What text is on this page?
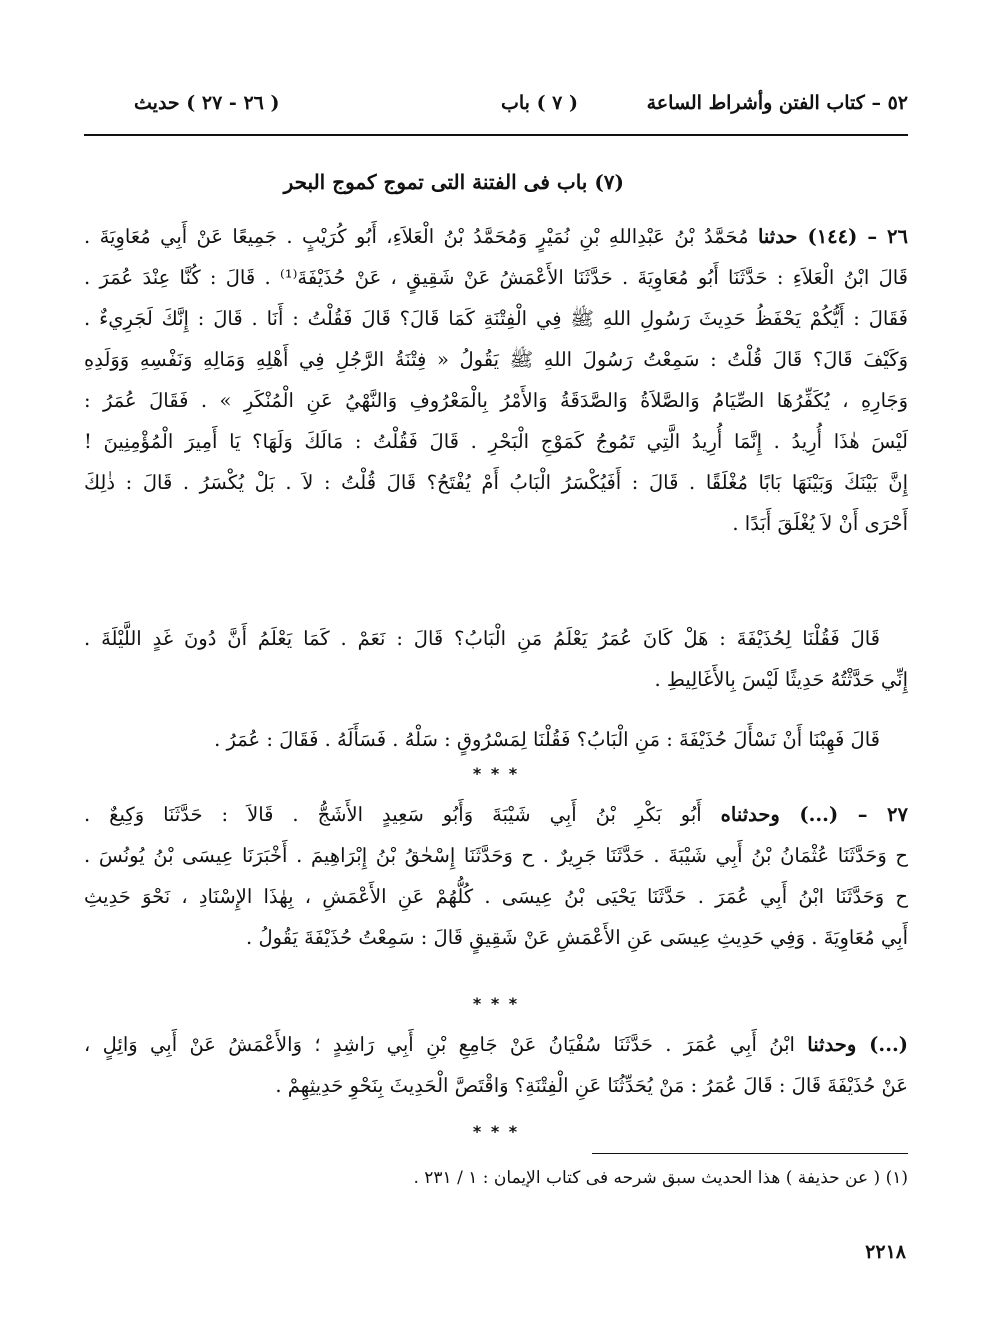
٥٢ – كتاب الفتن وأشراط الساعة
( ٧ ) باب
( ٢٦ - ٢٧ ) حديث
(٧) باب فى الفتنة التى تموج كموج البحر
٢٦ – (١٤٤) حدثنا مُحَمَّدُ بْنُ عَبْدِاللهِ بْنِ نُمَيْرٍ وَمُحَمَّدُ بْنُ الْعَلاَءِ، أَبُو كُرَيْبٍ . جَمِيعًا عَنْ أَبِي مُعَاوِيَةَ .
قَالَ ابْنُ الْعَلاَءِ : حَدَّثَنَا أَبُو مُعَاوِيَةَ . حَدَّثَنَا الأَعْمَشُ عَنْ شَقِيقٍ ، عَنْ حُذَيْفَةَ⁽¹⁾ . قَالَ : كُنَّا عِنْدَ عُمَرَ .
فَقَالَ : أَيُّكُمْ يَحْفَظُ حَدِيثَ رَسُولِ اللهِ ﷺ فِي الْفِتْنَةِ كَمَا قَالَ؟ قَالَ فَقُلْتُ : أَنَا . قَالَ : إِنَّكَ لَجَرِيءٌ .
وَكَيْفَ قَالَ؟ قَالَ قُلْتُ : سَمِعْتُ رَسُولَ اللهِ ﷺ يَقُولُ « فِتْنَةُ الرَّجُلِ فِي أَهْلِهِ وَمَالِهِ وَنَفْسِهِ وَوَلَدِهِ
وَجَارِهِ ، يُكَفِّرُهَا الصِّيَامُ وَالصَّلاَةُ وَالصَّدَقَةُ وَالأَمْرُ بِالْمَعْرُوفِ وَالنَّهْيُ عَنِ الْمُنْكَرِ » . فَقَالَ عُمَرُ :
لَيْسَ هٰذَا أُرِيدُ . إِنَّمَا أُرِيدُ الَّتِي تَمُوجُ كَمَوْجِ الْبَحْرِ . قَالَ فَقُلْتُ : مَالَكَ وَلَهَا؟ يَا أَمِيرَ الْمُؤْمِنِينَ !
إِنَّ بَيْنَكَ وَبَيْنَهَا بَابًا مُغْلَقًا . قَالَ : أَفَيُكْسَرُ الْبَابُ أَمْ يُفْتَحُ؟ قَالَ قُلْتُ : لاَ . بَلْ يُكْسَرُ . قَالَ : ذٰلِكَ
أَحْرَى أَنْ لاَ يُغْلَقَ أَبَدًا .
قَالَ فَقُلْنَا لِحُذَيْفَةَ : هَلْ كَانَ عُمَرُ يَعْلَمُ مَنِ الْبَابُ؟ قَالَ : نَعَمْ . كَمَا يَعْلَمُ أَنَّ دُونَ غَدٍ اللَّيْلَةَ .
إِنِّي حَدَّثْتُهُ حَدِيثًا لَيْسَ بِالأَغَالِيطِ .
قَالَ فَهِبْنَا أَنْ نَسْأَلَ حُذَيْفَةَ : مَنِ الْبَابُ؟ فَقُلْنَا لِمَسْرُوقٍ : سَلْهُ . فَسَأَلَهُ . فَقَالَ : عُمَرُ .
* * *
٢٧ – (...) وحدثناه أَبُو بَكْرِ بْنُ أَبِي شَيْبَةَ وَأَبُو سَعِيدٍ الأَشَجُّ . قَالاَ : حَدَّثَنَا وَكِيعٌ .
ح وَحَدَّثَنَا عُثْمَانُ بْنُ أَبِي شَيْبَةَ . حَدَّثَنَا جَرِيرٌ . ح وَحَدَّثَنَا إِسْحٰقُ بْنُ إِبْرَاهِيمَ . أَخْبَرَنَا عِيسَى بْنُ يُونُسَ .
ح وَحَدَّثَنَا ابْنُ أَبِي عُمَرَ . حَدَّثَنَا يَحْيَى بْنُ عِيسَى . كُلُّهُمْ عَنِ الأَعْمَشِ ، بِهٰذَا الإِسْنَادِ ، نَحْوَ حَدِيثِ
أَبِي مُعَاوِيَةَ . وَفِي حَدِيثِ عِيسَى عَنِ الأَعْمَشِ عَنْ شَقِيقٍ قَالَ : سَمِعْتُ حُذَيْفَةَ يَقُولُ .
* * *
(...) وحدثنا ابْنُ أَبِي عُمَرَ . حَدَّثَنَا سُفْيَانُ عَنْ جَامِعِ بْنِ أَبِي رَاشِدٍ ؛ وَالأَعْمَشُ عَنْ أَبِي وَائِلٍ ،
عَنْ حُذَيْفَةَ قَالَ : قَالَ عُمَرُ : مَنْ يُحَدِّثُنَا عَنِ الْفِتْنَةِ؟ وَاقْتَصَّ الْحَدِيثَ بِنَحْوِ حَدِيثِهِمْ .
* * *
(١) ( عن حذيفة ) هذا الحديث سبق شرحه فى كتاب الإيمان : ١ / ٢٣١ .
٢٢١٨
